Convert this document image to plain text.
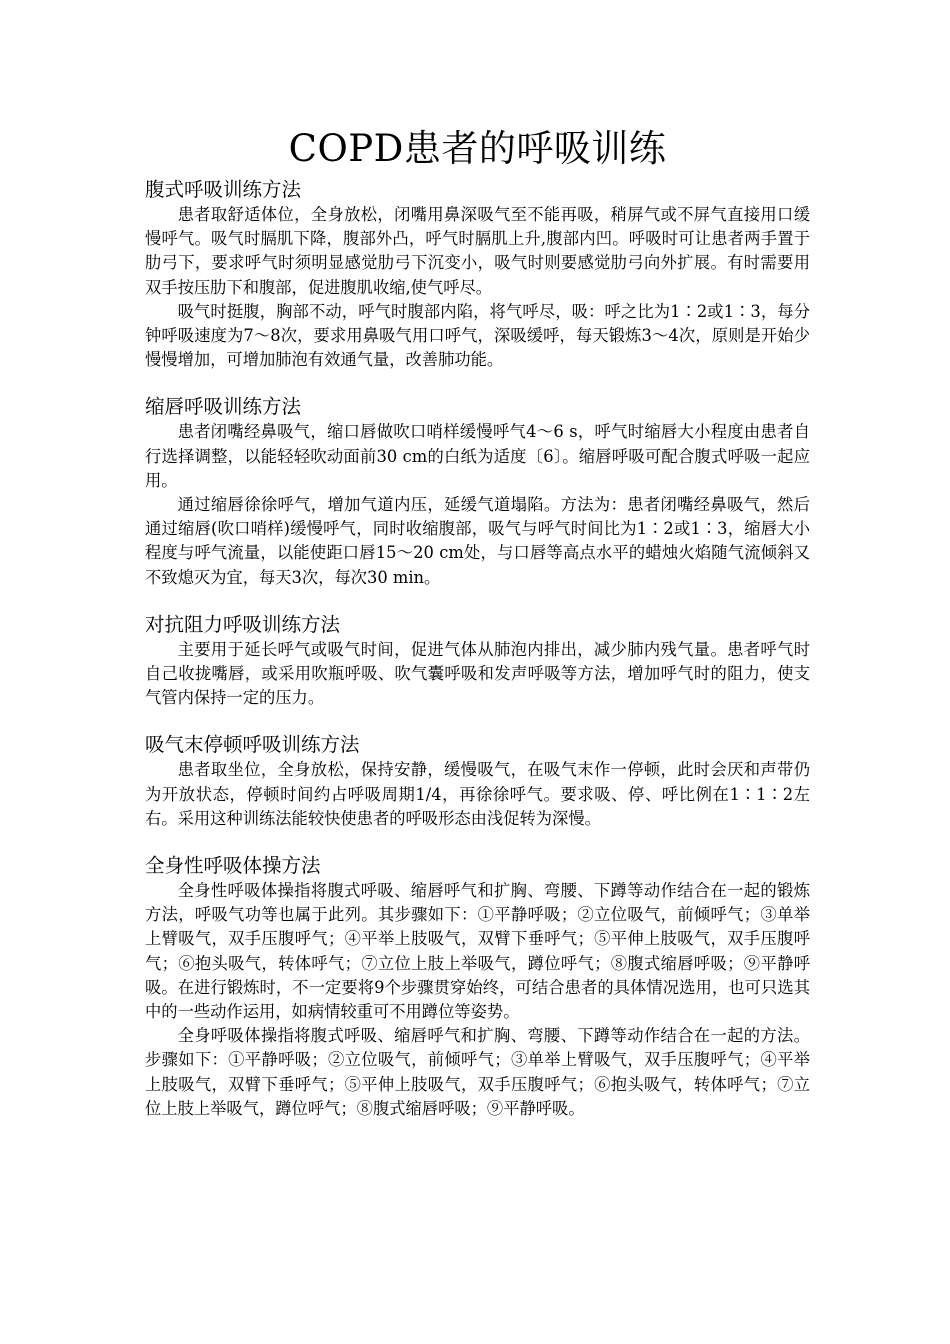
COPD患者的呼吸训练
腹式呼吸训练方法

患者取舒适体位，全身放松，闭嘴用鼻深吸气至不能再吸，稍屏气或不屏气直接用口缓慢呼气。吸气时膈肌下降，腹部外凸，呼气时膈肌上升,腹部内凹。呼吸时可让患者两手置于肋弓下，要求呼气时须明显感觉肋弓下沉变小，吸气时则要感觉肋弓向外扩展。有时需要用双手按压肋下和腹部，促进腹肌收缩,使气呼尽。

吸气时挺腹，胸部不动，呼气时腹部内陷，将气呼尽，吸：呼之比为1∶2或1∶3，每分钟呼吸速度为7～8次，要求用鼻吸气用口呼气，深吸缓呼，每天锻炼3～4次，原则是开始少慢慢增加，可增加肺泡有效通气量，改善肺功能。

缩唇呼吸训练方法

患者闭嘴经鼻吸气，缩口唇做吹口哨样缓慢呼气4～6 s，呼气时缩唇大小程度由患者自行选择调整，以能轻轻吹动面前30 cm的白纸为适度〔6〕。缩唇呼吸可配合腹式呼吸一起应用。

通过缩唇徐徐呼气，增加气道内压，延缓气道塌陷。方法为：患者闭嘴经鼻吸气，然后通过缩唇(吹口哨样)缓慢呼气，同时收缩腹部，吸气与呼气时间比为1∶2或1∶3，缩唇大小程度与呼气流量，以能使距口唇15～20 cm处，与口唇等高点水平的蜡烛火焰随气流倾斜又不致熄灭为宜，每天3次，每次30 min。

对抗阻力呼吸训练方法

主要用于延长呼气或吸气时间，促进气体从肺泡内排出，减少肺内残气量。患者呼气时自己收拢嘴唇，或采用吹瓶呼吸、吹气囊呼吸和发声呼吸等方法，增加呼气时的阻力，使支气管内保持一定的压力。

吸气末停顿呼吸训练方法

患者取坐位，全身放松，保持安静，缓慢吸气，在吸气末作一停顿，此时会厌和声带仍为开放状态，停顿时间约占呼吸周期1/4，再徐徐呼气。要求吸、停、呼比例在1∶1∶2左右。采用这种训练法能较快使患者的呼吸形态由浅促转为深慢。

全身性呼吸体操方法

全身性呼吸体操指将腹式呼吸、缩唇呼气和扩胸、弯腰、下蹲等动作结合在一起的锻炼方法，呼吸气功等也属于此列。其步骤如下：①平静呼吸；②立位吸气，前倾呼气；③单举上臂吸气，双手压腹呼气；④平举上肢吸气，双臂下垂呼气；⑤平伸上肢吸气，双手压腹呼气；⑥抱头吸气，转体呼气；⑦立位上肢上举吸气，蹲位呼气；⑧腹式缩唇呼吸；⑨平静呼吸。在进行锻炼时，不一定要将9个步骤贯穿始终，可结合患者的具体情况选用，也可只选其中的一些动作运用，如病情较重可不用蹲位等姿势。

全身呼吸体操指将腹式呼吸、缩唇呼气和扩胸、弯腰、下蹲等动作结合在一起的方法。步骤如下：①平静呼吸；②立位吸气，前倾呼气；③单举上臂吸气，双手压腹呼气；④平举上肢吸气，双臂下垂呼气；⑤平伸上肢吸气，双手压腹呼气；⑥抱头吸气，转体呼气；⑦立位上肢上举吸气，蹲位呼气；⑧腹式缩唇呼吸；⑨平静呼吸。
